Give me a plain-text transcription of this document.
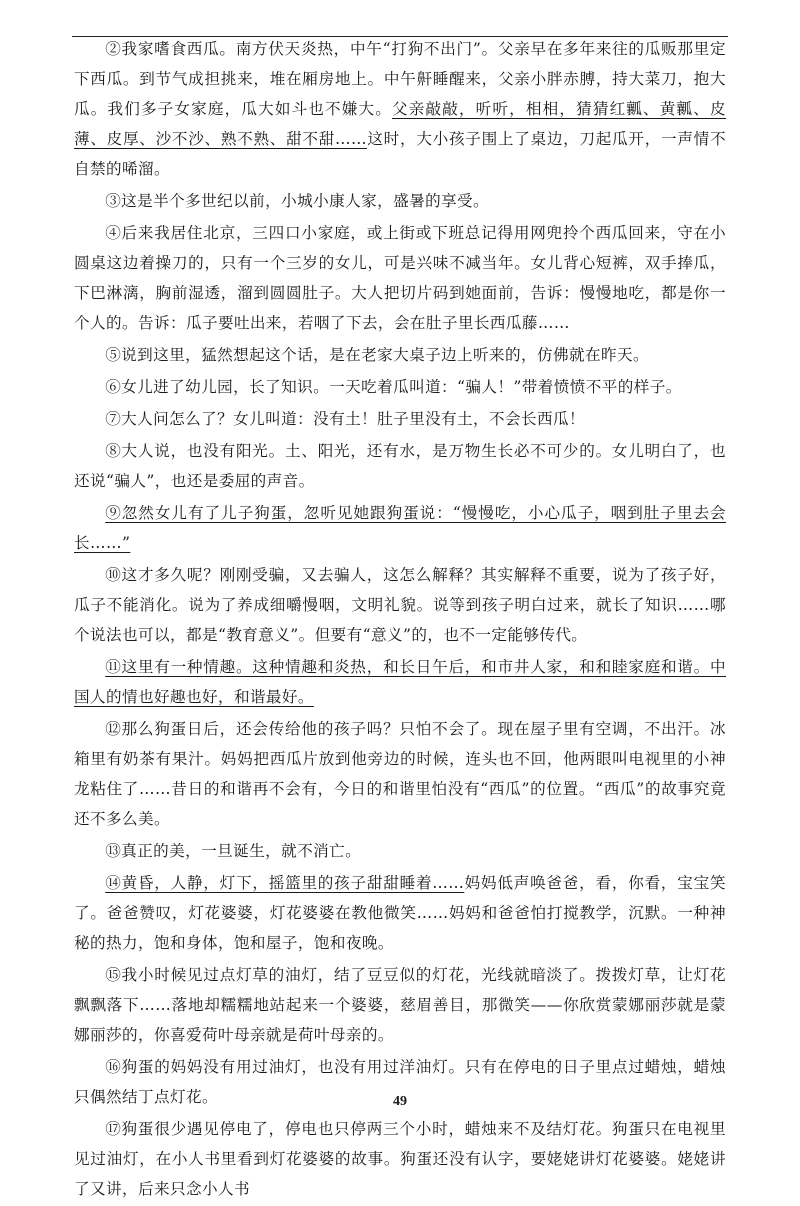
②我家嗜食西瓜。南方伏天炎热，中午“打狗不出门”。父亲早在多年来往的瓜贩那里定下西瓜。到节气成担挑来，堆在厢房地上。中午鼾睡醒来，父亲小胖赤膊，持大菜刀，抱大瓜。我们多子女家庭，瓜大如斗也不嫌大。父亲敲敲，听听，相相，猜猜红瓤、黄瓤、皮薄、皮厚、沙不沙、熟不熟、甜不甜……这时，大小孩子围上了桌边，刀起瓜开，一声情不自禁的唏溜。

③这是半个多世纪以前，小城小康人家，盛暑的享受。

④后来我居住北京，三四口小家庭，或上街或下班总记得用网兜拎个西瓜回来，守在小圆桌这边着操刀的，只有一个三岁的女儿，可是兴味不减当年。女儿背心短裤，双手捧瓜，下巴淋漓，胸前湿透，溜到圆圆肚子。大人把切片码到她面前，告诉：慢慢地吃，都是你一个人的。告诉：瓜子要吐出来，若咽了下去，会在肚子里长西瓜藤……

⑤说到这里，猛然想起这个话，是在老家大桌子边上听来的，仿佛就在昨天。

⑥女儿进了幼儿园，长了知识。一天吃着瓜叫道：“骗人！”带着愤愤不平的样子。

⑦大人问怎么了？女儿叫道：没有土！肚子里没有土，不会长西瓜！

⑧大人说，也没有阳光。土、阳光，还有水，是万物生长必不可少的。女儿明白了，也还说“骗人”，也还是委屈的声音。

⑨忽然女儿有了儿子狗蛋，忽听见她跟狗蛋说：“慢慢吃，小心瓜子，咽到肚子里去会长……”

⑩这才多久呢？刚刚受骗，又去骗人，这怎么解释？其实解释不重要，说为了孩子好，瓜子不能消化。说为了养成细嚼慢咽，文明礼貌。说等到孩子明白过来，就长了知识……哪个说法也可以，都是“教育意义”。但要有“意义”的，也不一定能够传代。

⑪这里有一种情趣。这种情趣和炎热，和长日午后，和市井人家，和和睦家庭和谐。中国人的情也好趣也好，和谐最好。

⑫那么狗蛋日后，还会传给他的孩子吗？只怕不会了。现在屋子里有空调，不出汗。冰箱里有奶茶有果汁。妈妈把西瓜片放到他旁边的时候，连头也不回，他两眼叫电视里的小神龙粘住了……昔日的和谐再不会有，今日的和谐里怕没有“西瓜”的位置。“西瓜”的故事究竟还不多么美。

⑬真正的美，一旦诞生，就不消亡。

⑭黄昏，人静，灯下，摇篮里的孩子甜甜睡着……妈妈低声唤爸爸，看，你看，宝宝笑了。爸爸赞叹，灯花婆婆，灯花婆婆在教他微笑……妈妈和爸爸怕打搅教学，沉默。一种神秘的热力，饱和身体，饱和屋子，饱和夜晚。

⑮我小时候见过点灯草的油灯，结了豆豆似的灯花，光线就暗淡了。拨拨灯草，让灯花飘飘落下……落地却糯糯地站起来一个婆婆，慈眉善目，那微笑——你欣赏蒙娜丽莎就是蒙娜丽莎的，你喜爱荷叶母亲就是荷叶母亲的。

⑯狗蛋的妈妈没有用过油灯，也没有用过洋油灯。只有在停电的日子里点过蜡烛，蜡烛只偶然结丁点灯花。

⑰狗蛋很少遇见停电了，停电也只停两三个小时，蜡烛来不及结灯花。狗蛋只在电视里见过油灯，在小人书里看到灯花婆婆的故事。狗蛋还没有认字，要姥姥讲灯花婆婆。姥姥讲了又讲，后来只念小人书

49
